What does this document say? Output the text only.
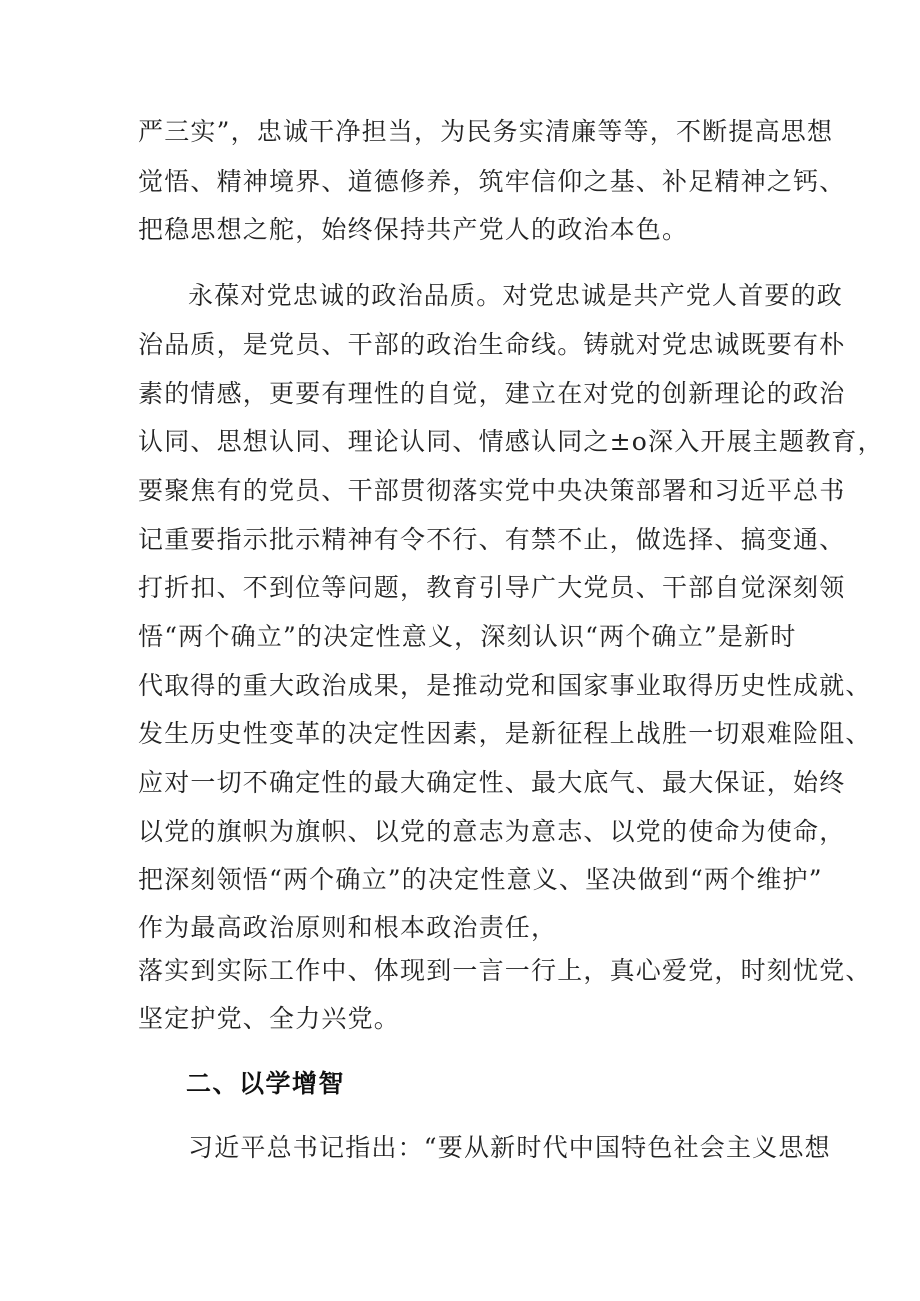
严三实”，忠诚干净担当，为民务实清廉等等，不断提高思想
觉悟、精神境界、道德修养，筑牢信仰之基、补足精神之钙、
把稳思想之舵，始终保持共产党人的政治本色。
永葆对党忠诚的政治品质。对党忠诚是共产党人首要的政
治品质，是党员、干部的政治生命线。铸就对党忠诚既要有朴
素的情感，更要有理性的自觉，建立在对党的创新理论的政治
认同、思想认同、理论认同、情感认同之±o深入开展主题教育，
要聚焦有的党员、干部贯彻落实党中央决策部署和习近平总书
记重要指示批示精神有令不行、有禁不止，做选择、搞变通、
打折扣、不到位等问题，教育引导广大党员、干部自觉深刻领
悟“两个确立”的决定性意义，深刻认识“两个确立”是新时
代取得的重大政治成果，是推动党和国家事业取得历史性成就、
发生历史性变革的决定性因素，是新征程上战胜一切艰难险阻、
应对一切不确定性的最大确定性、最大底气、最大保证，始终
以党的旗帜为旗帜、以党的意志为意志、以党的使命为使命，
把深刻领悟“两个确立”的决定性意义、坚决做到“两个维护”
作为最高政治原则和根本政治责任，
落实到实际工作中、体现到一言一行上，真心爱党，时刻忧党、
坚定护党、全力兴党。
二、以学增智
习近平总书记指出：“要从新时代中国特色社会主义思想
